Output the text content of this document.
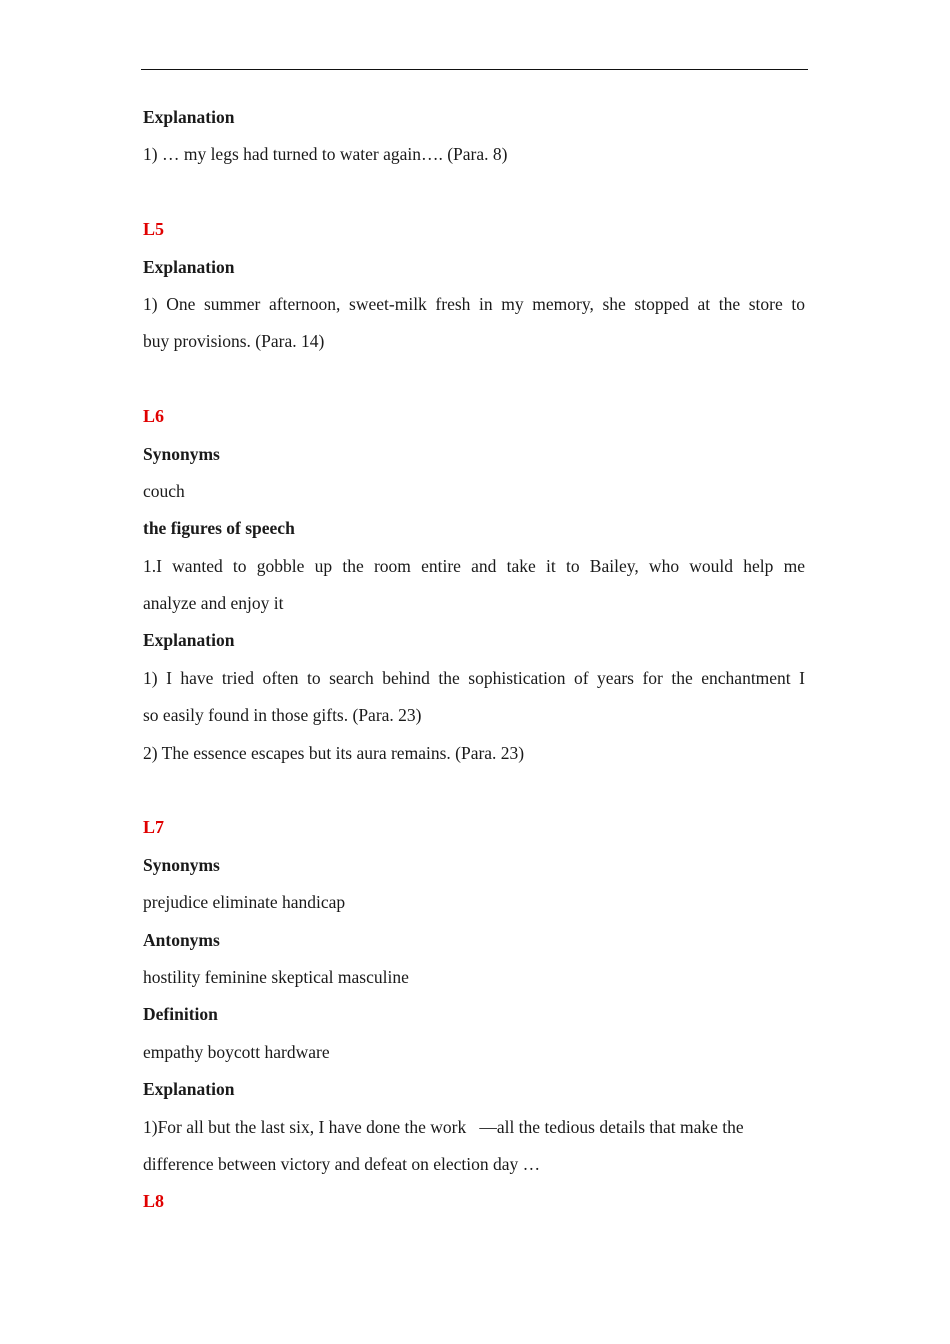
Explanation
1) … my legs had turned to water again…. (Para. 8)
L5
Explanation
1) One summer afternoon, sweet-milk fresh in my memory, she stopped at the store to
buy provisions. (Para. 14)
L6
Synonyms
couch
the figures of speech
1.I wanted to gobble up the room entire and take it to Bailey, who would help me
analyze and enjoy it
Explanation
1) I have tried often to search behind the sophistication of years for the enchantment I
so easily found in those gifts. (Para. 23)
2) The essence escapes but its aura remains. (Para. 23)
L7
Synonyms
prejudice eliminate handicap
Antonyms
hostility feminine skeptical masculine
Definition
empathy boycott hardware
Explanation
1)For all but the last six, I have done the work   —all the tedious details that make the
difference between victory and defeat on election day …
L8
